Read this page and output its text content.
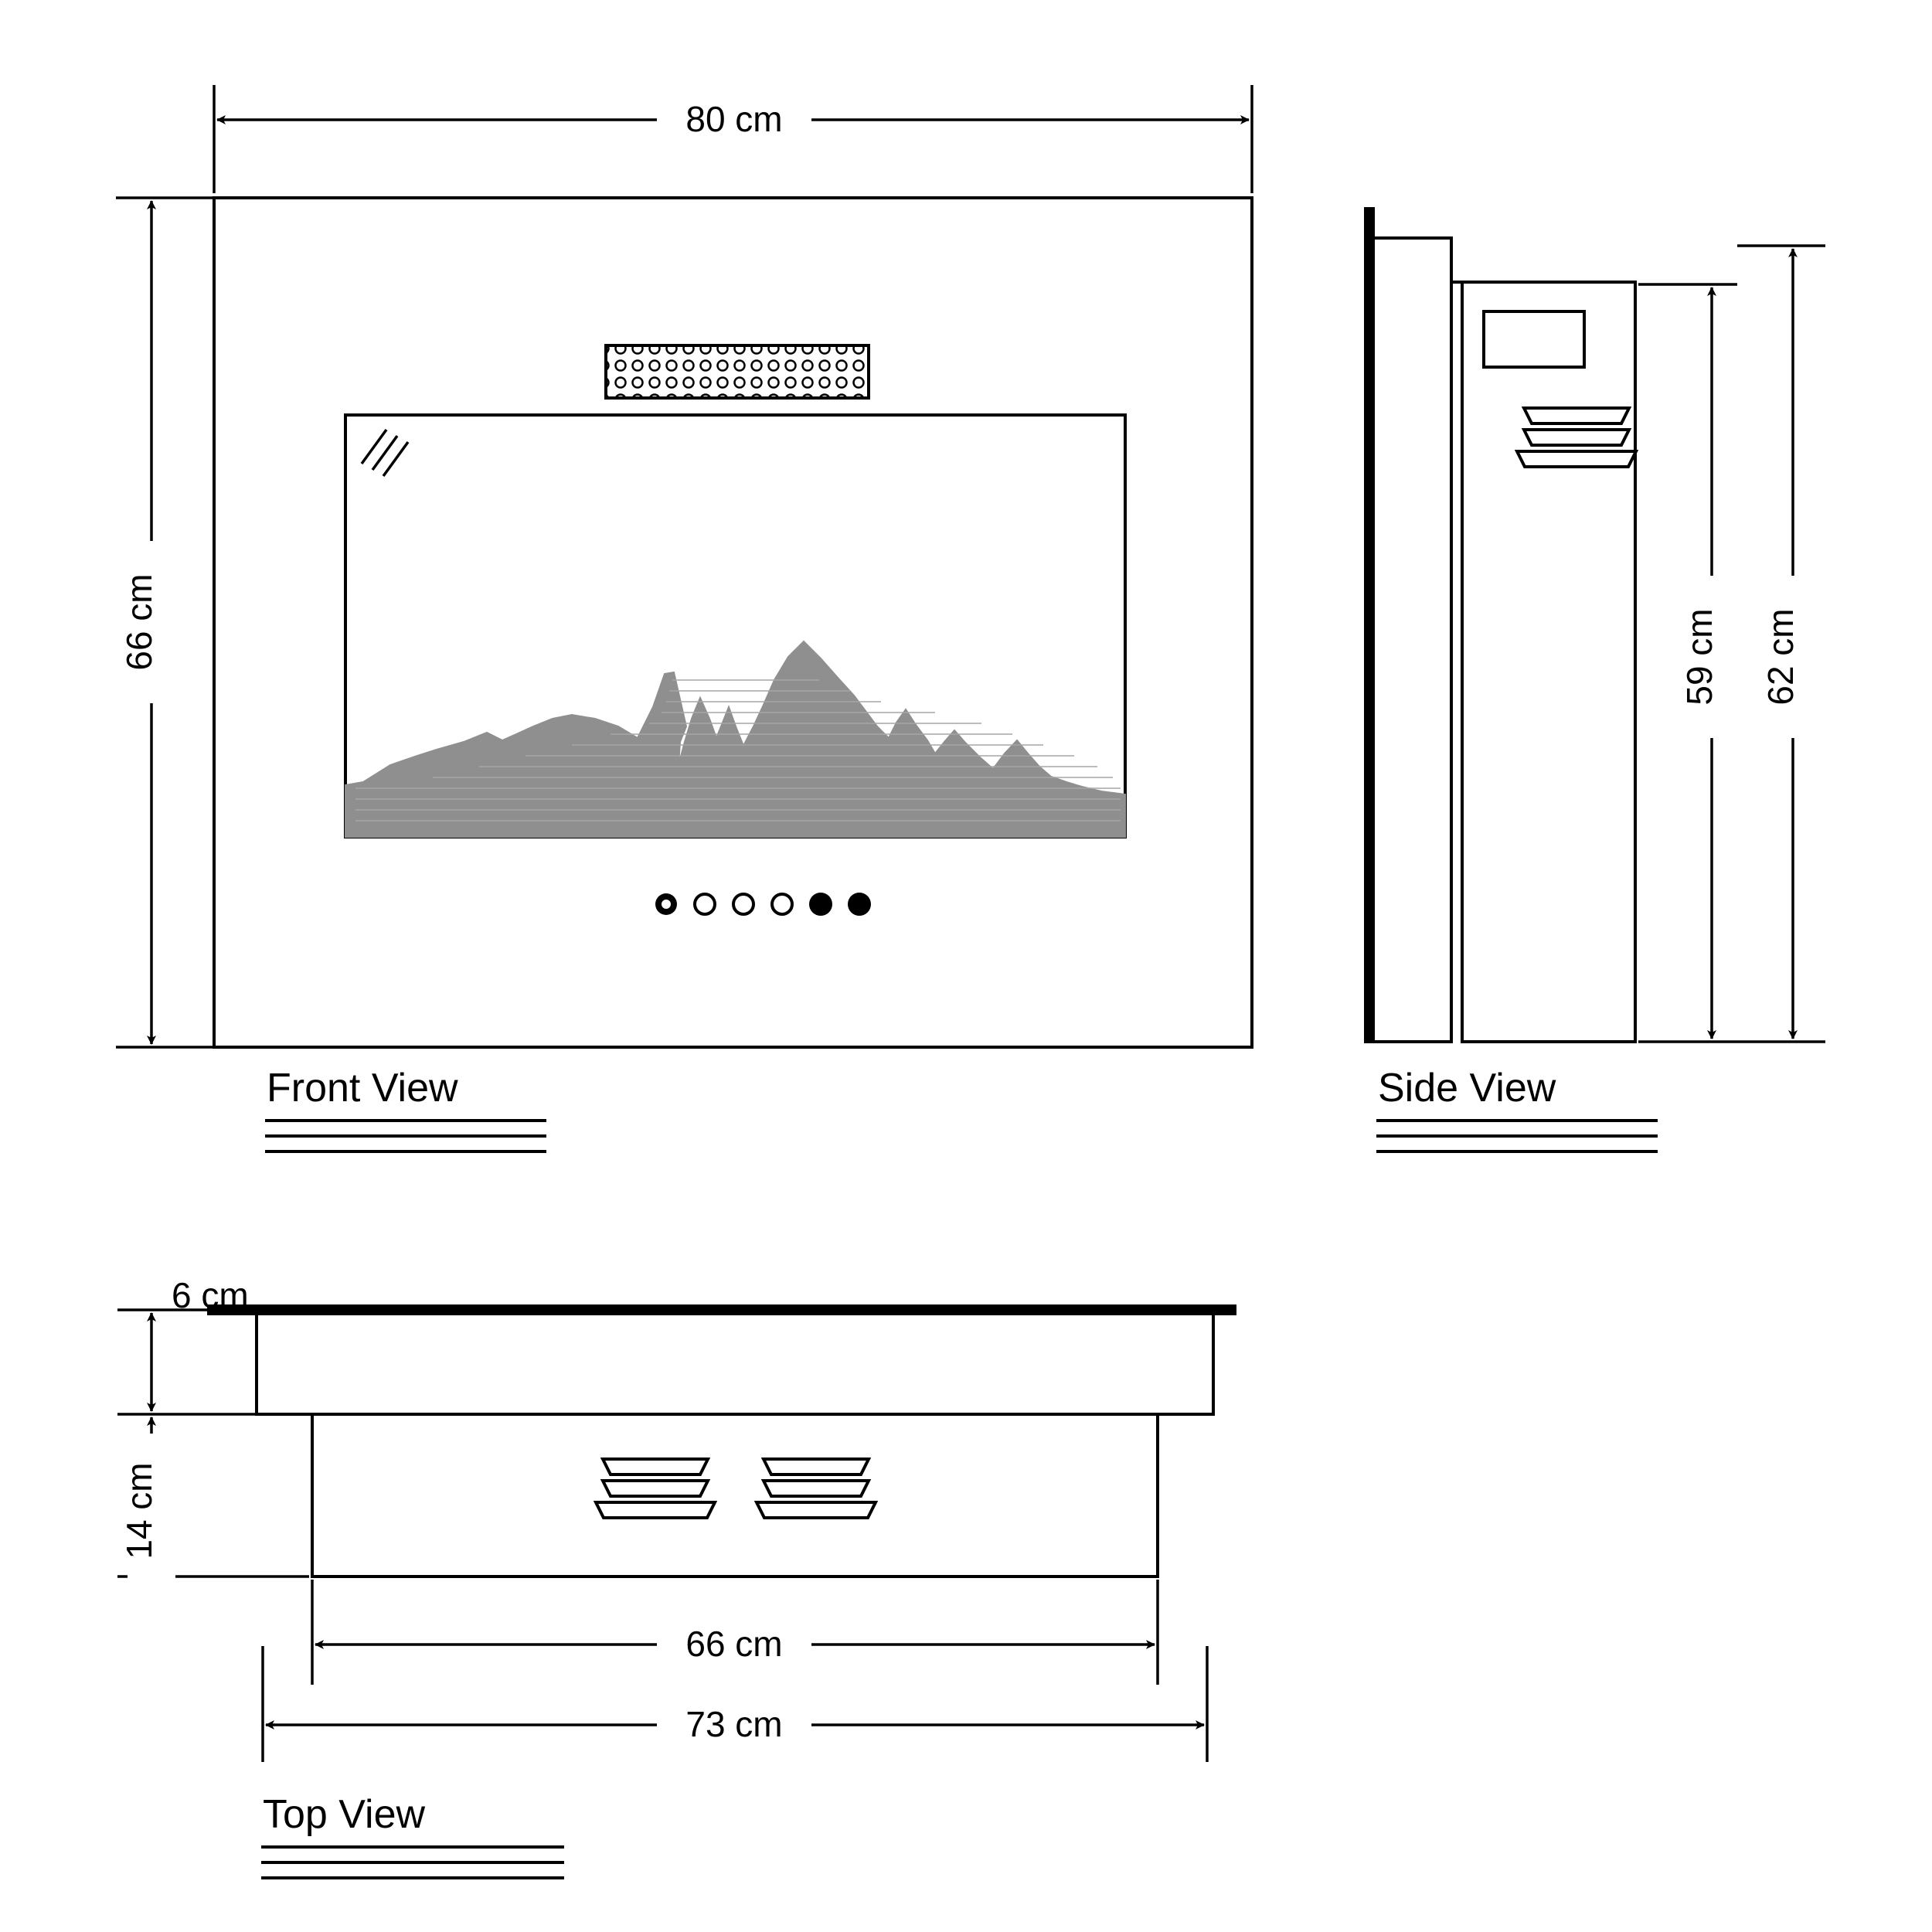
80 cm
66 cm
Front View
59 cm 62 cm
Side View
6 cm
14 cm
66 cm
73 cm
Top View
